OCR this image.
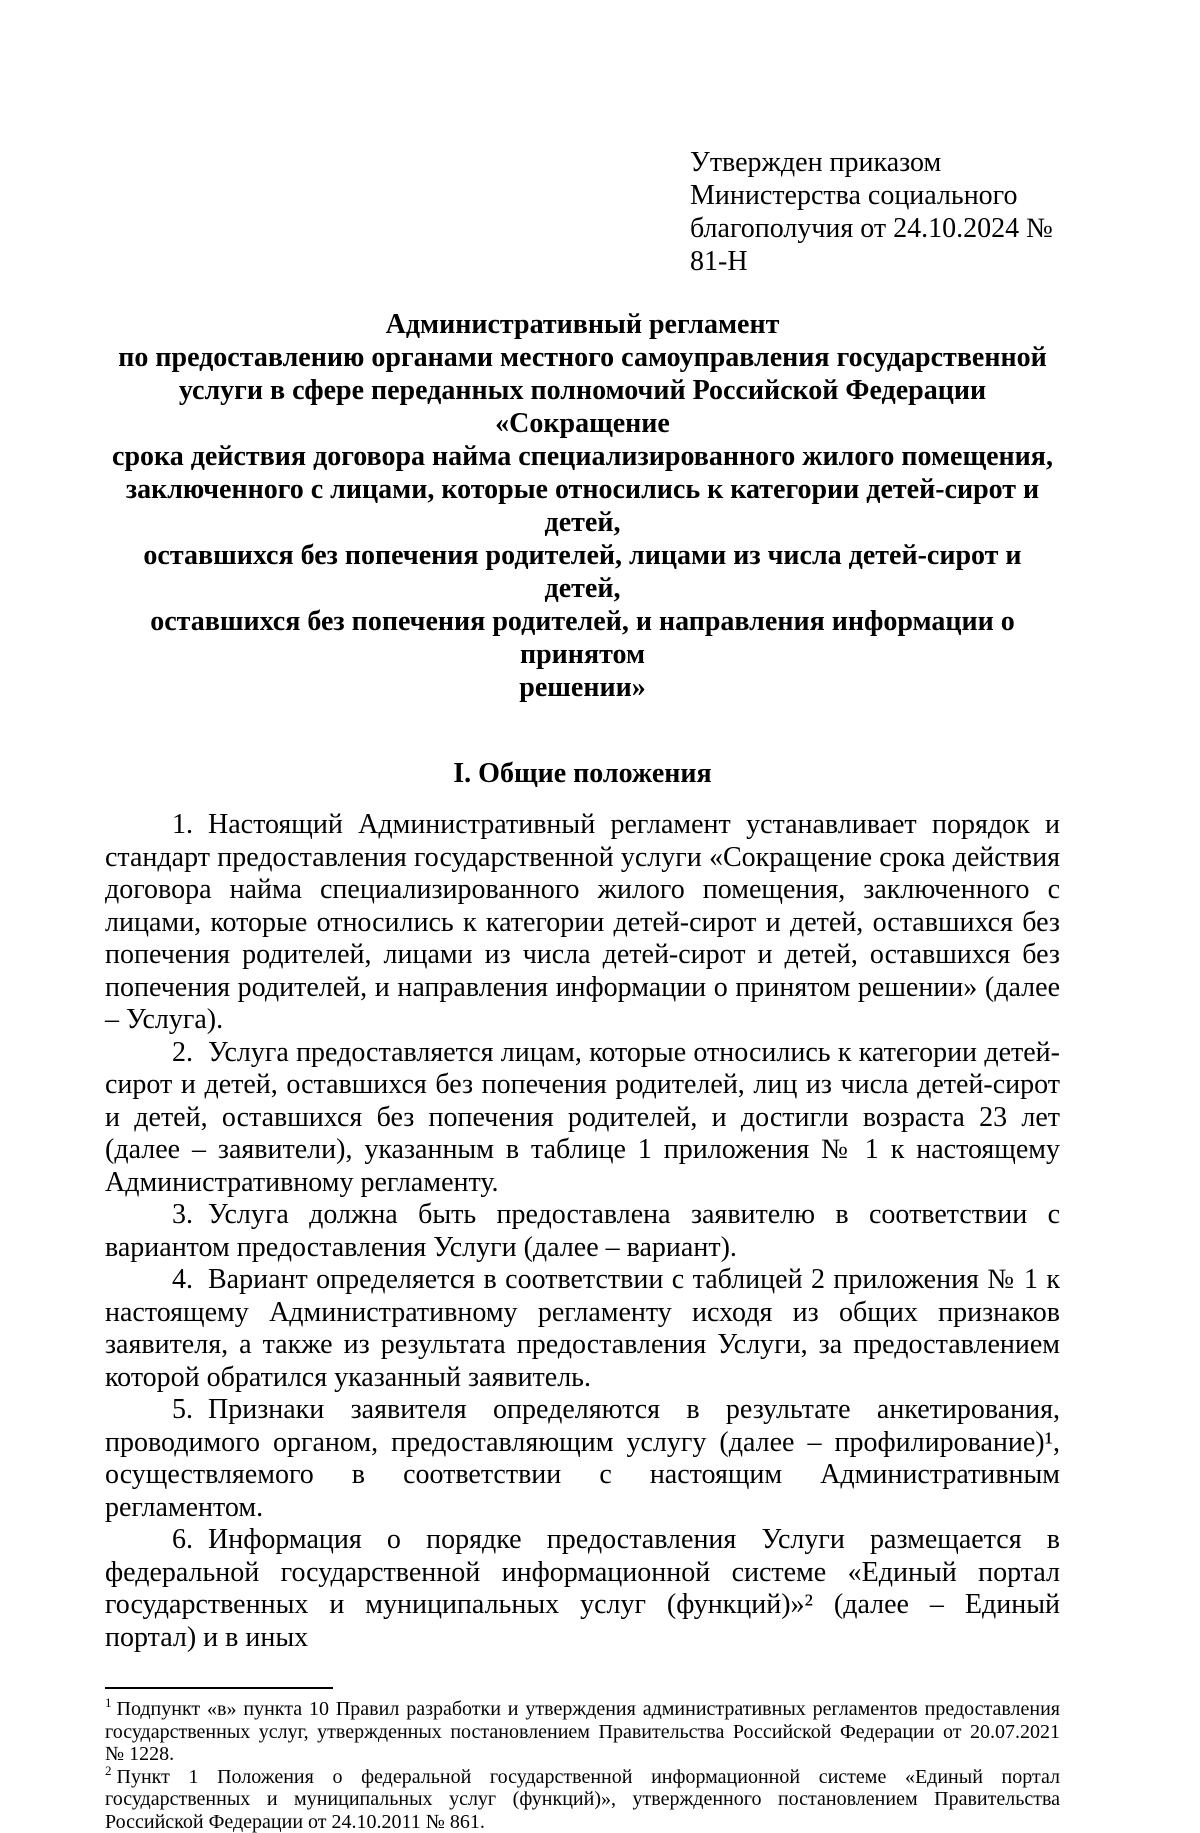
Утвержден приказом
Министерства социального
благополучия от 24.10.2024 №
81-Н
Административный регламент
по предоставлению органами местного самоуправления государственной
услуги в сфере переданных полномочий Российской Федерации «Сокращение
срока действия договора найма специализированного жилого помещения,
заключенного с лицами, которые относились к категории детей-сирот и детей,
оставшихся без попечения родителей, лицами из числа детей-сирот и детей,
оставшихся без попечения родителей, и направления информации о принятом
решении»
I. Общие положения

1. Настоящий Административный регламент устанавливает порядок и стандарт предоставления государственной услуги «Сокращение срока действия договора найма специализированного жилого помещения, заключенного с лицами, которые относились к категории детей-сирот и детей, оставшихся без попечения родителей, лицами из числа детей-сирот и детей, оставшихся без попечения родителей, и направления информации о принятом решении» (далее – Услуга).

2. Услуга предоставляется лицам, которые относились к категории детей-сирот и детей, оставшихся без попечения родителей, лиц из числа детей-сирот и детей, оставшихся без попечения родителей, и достигли возраста 23 лет (далее – заявители), указанным в таблице 1 приложения № 1 к настоящему Административному регламенту.

3. Услуга должна быть предоставлена заявителю в соответствии с вариантом предоставления Услуги (далее – вариант).

4. Вариант определяется в соответствии с таблицей 2 приложения № 1 к настоящему Административному регламенту исходя из общих признаков заявителя, а также из результата предоставления Услуги, за предоставлением которой обратился указанный заявитель.

5. Признаки заявителя определяются в результате анкетирования, проводимого органом, предоставляющим услугу (далее – профилирование)¹, осуществляемого в соответствии с настоящим Административным регламентом.

6. Информация о порядке предоставления Услуги размещается в федеральной государственной информационной системе «Единый портал государственных и муниципальных услуг (функций)»² (далее – Единый портал) и в иных

$^1$ Подпункт «в» пункта 10 Правил разработки и утверждения административных регламентов предоставления государственных услуг, утвержденных постановлением Правительства Российской Федерации от 20.07.2021 № 1228.

$^2$ Пункт 1 Положения о федеральной государственной информационной системе «Единый портал государственных и муниципальных услуг (функций)», утвержденного постановлением Правительства Российской Федерации от 24.10.2011 № 861.
